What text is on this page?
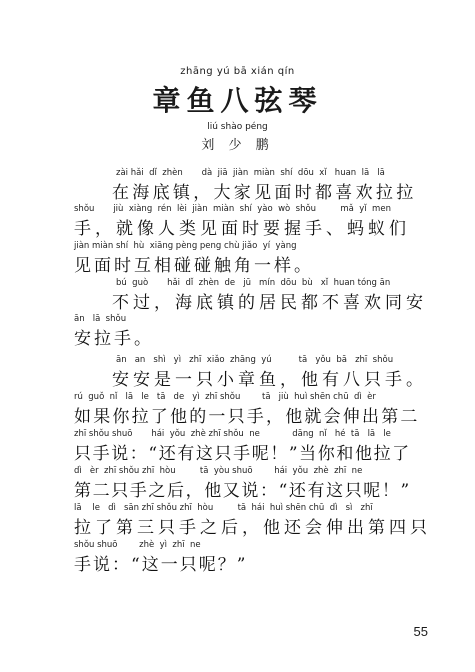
zhāng yú bā xián qín
章鱼八弦琴
liú shào péng
刘 少 鹏
zài hǎi  dǐ  zhèn       dà  jiā  jiàn  miàn  shí  dōu  xǐ   huan  lā   lā
在海底镇，大家见面时都喜欢拉拉
shǒu       jiù  xiàng  rén  lèi  jiàn  miàn  shí  yào  wò  shǒu         mǎ  yǐ  men
手，就像人类见面时要握手、蚂蚁们
jiàn miàn shí  hù  xiāng pèng peng chù jiǎo  yí  yàng
见面时互相碰碰触角一样。
bú  guò       hǎi  dǐ  zhèn  de   jū   mín  dōu  bù   xǐ  huan tóng ān
不过，海底镇的居民都不喜欢同安
ān   lā  shǒu
安拉手。
ān   an   shì   yì   zhī  xiǎo  zhāng  yú          tā   yǒu  bā   zhī  shǒu
安安是一只小章鱼，他有八只手。
rú  guǒ  nǐ   lā   le   tā   de   yì  zhī shǒu        tā   jiù  huì shēn chū  dì  èr
如果你拉了他的一只手，他就会伸出第二
zhī shǒu shuō       hái  yǒu  zhè zhī shǒu  ne            dāng  nǐ   hé  tā   lā   le
只手说：“还有这只手呢！”当你和他拉了
dì   èr  zhī shǒu zhī  hòu         tā  yòu shuō        hái  yǒu  zhè  zhī  ne
第二只手之后，他又说：“还有这只呢！”
lā    le   dì   sān zhī shǒu zhī  hòu         tā  hái  huì shēn chū  dì   sì   zhī
拉了第三只手之后，他还会伸出第四只
shǒu shuō        zhè  yì  zhī  ne
手说：“这一只呢？”
55
